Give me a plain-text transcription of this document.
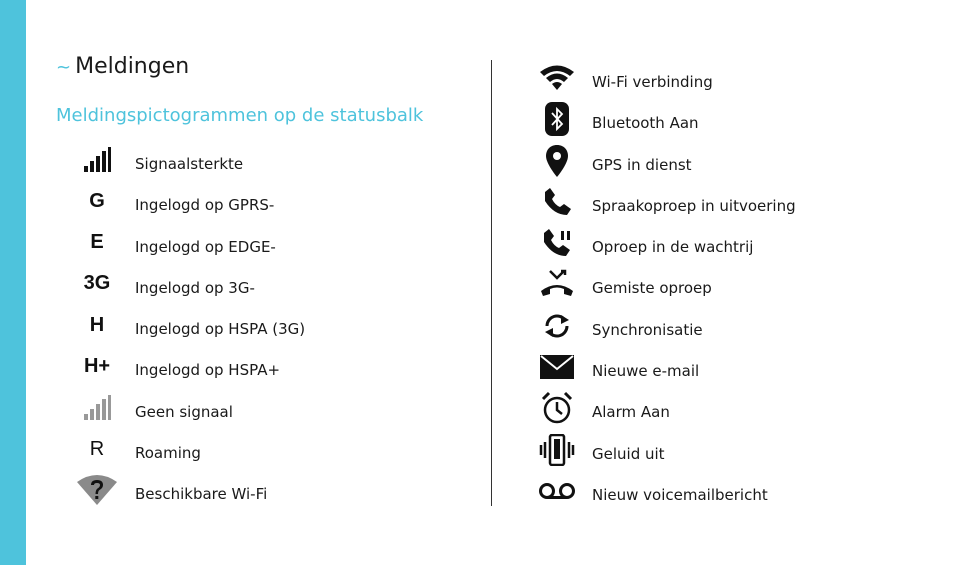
~ Meldingen
Meldingspictogrammen op de statusbalk
Signaalsterkte
G Ingelogd op GPRS-
E Ingelogd op EDGE-
3G Ingelogd op 3G-
H Ingelogd op HSPA (3G)
H+ Ingelogd op HSPA+
Geen signaal
R Roaming
Beschikbare Wi-Fi
Wi-Fi verbinding
Bluetooth Aan
GPS in dienst
Spraakoproep in uitvoering
Oproep in de wachtrij
Gemiste oproep
Synchronisatie
Nieuwe e-mail
Alarm Aan
Geluid uit
Nieuw voicemailbericht
